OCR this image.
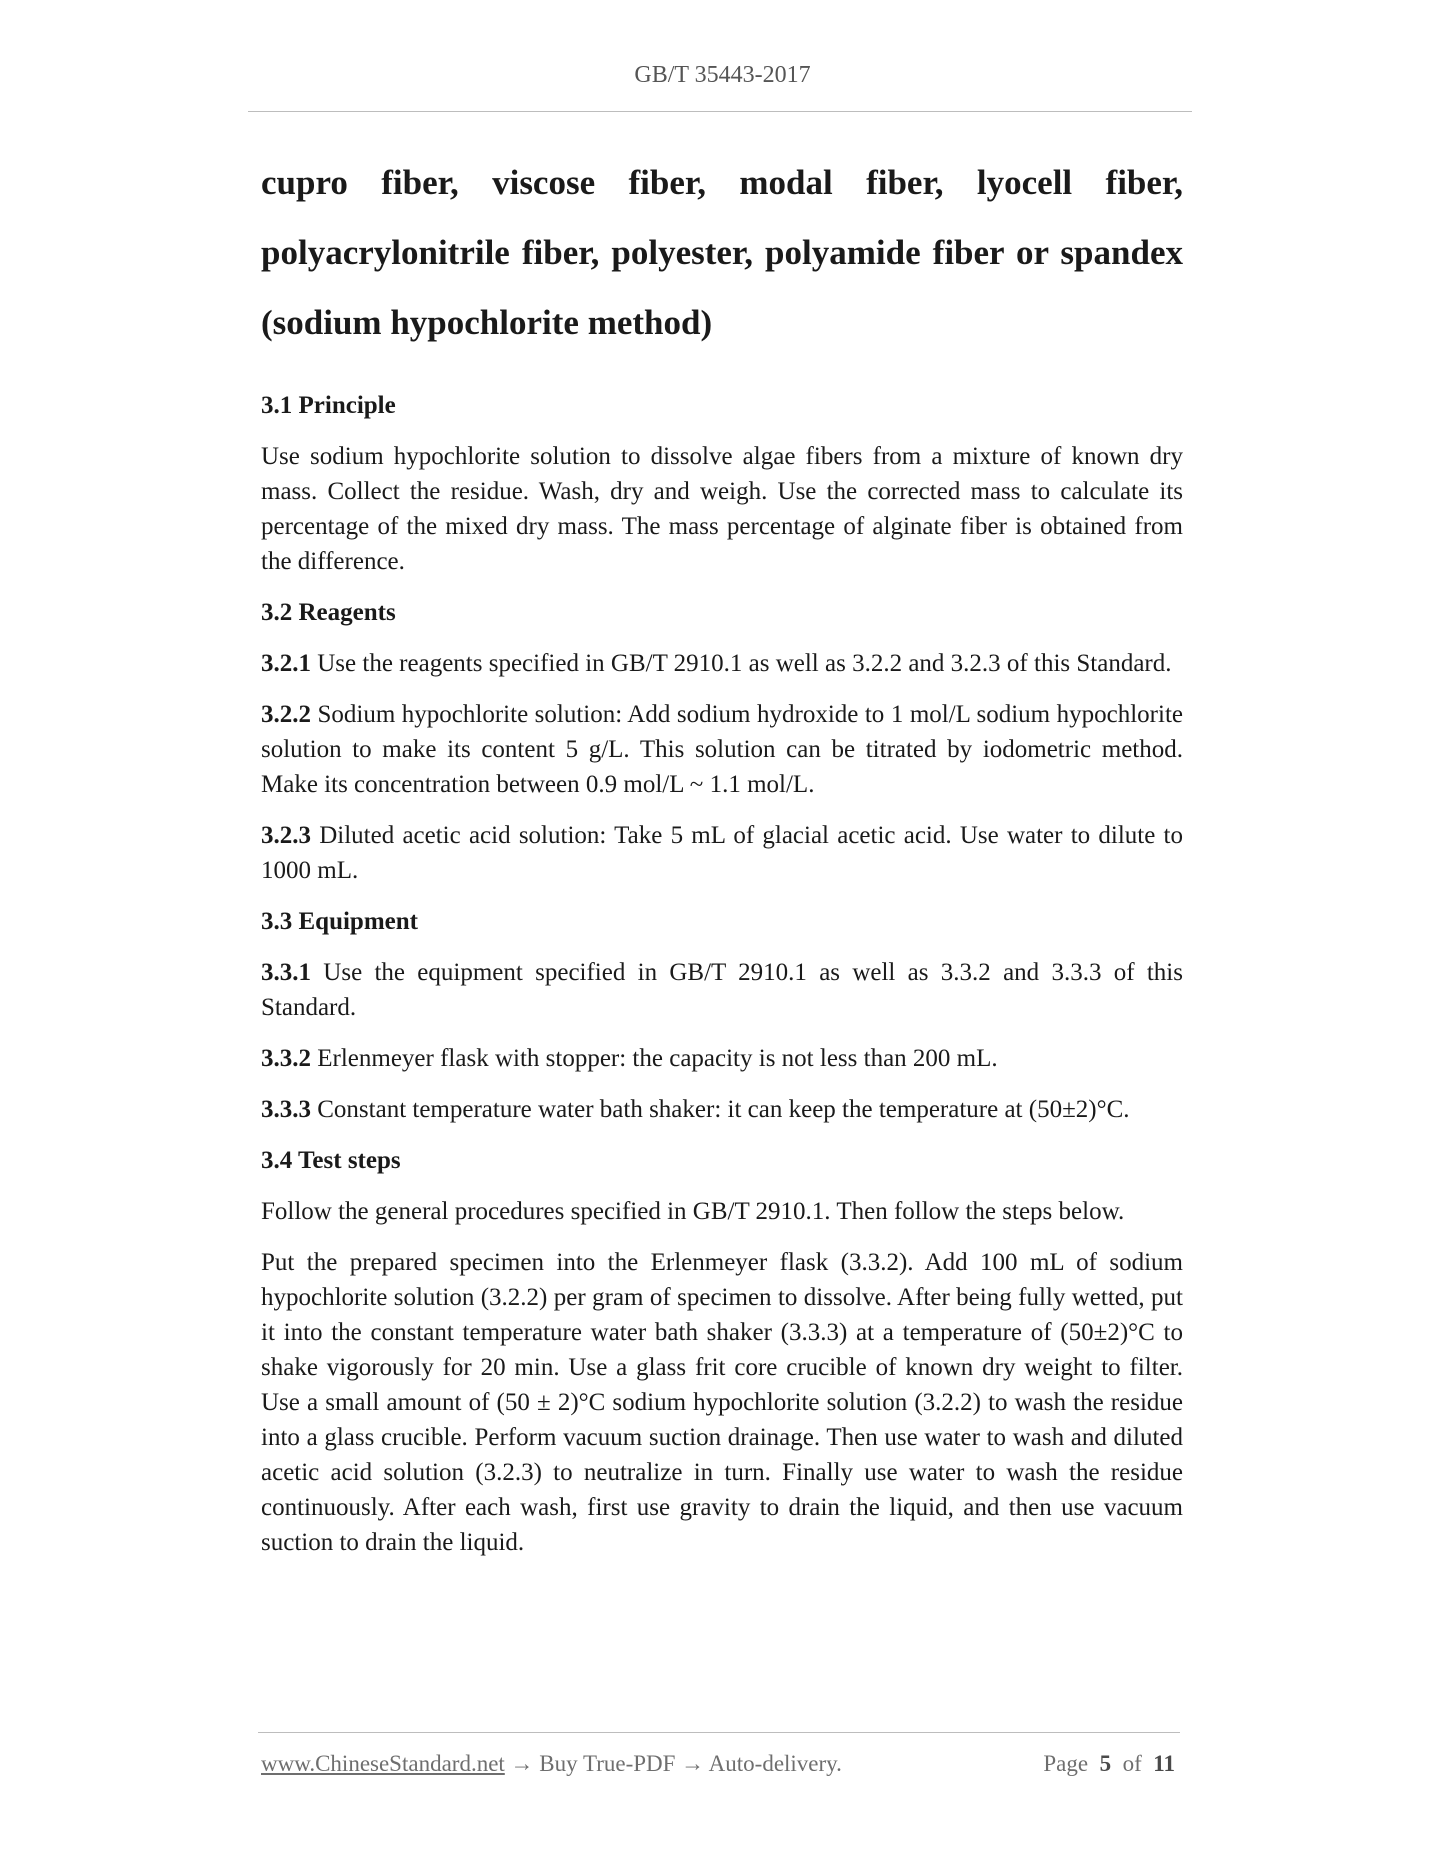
GB/T 35443-2017
cupro fiber, viscose fiber, modal fiber, lyocell fiber,
polyacrylonitrile fiber, polyester, polyamide fiber or spandex
(sodium hypochlorite method)
3.1 Principle

Use sodium hypochlorite solution to dissolve algae fibers from a mixture of known dry mass. Collect the residue. Wash, dry and weigh. Use the corrected mass to calculate its percentage of the mixed dry mass. The mass percentage of alginate fiber is obtained from the difference.

3.2 Reagents

3.2.1 Use the reagents specified in GB/T 2910.1 as well as 3.2.2 and 3.2.3 of this Standard.

3.2.2 Sodium hypochlorite solution: Add sodium hydroxide to 1 mol/L sodium hypochlorite solution to make its content 5 g/L. This solution can be titrated by iodometric method. Make its concentration between 0.9 mol/L ~ 1.1 mol/L.

3.2.3 Diluted acetic acid solution: Take 5 mL of glacial acetic acid. Use water to dilute to 1000 mL.

3.3 Equipment

3.3.1 Use the equipment specified in GB/T 2910.1 as well as 3.3.2 and 3.3.3 of this Standard.

3.3.2 Erlenmeyer flask with stopper: the capacity is not less than 200 mL.

3.3.3 Constant temperature water bath shaker: it can keep the temperature at (50±2)°C.

3.4 Test steps

Follow the general procedures specified in GB/T 2910.1. Then follow the steps below.

Put the prepared specimen into the Erlenmeyer flask (3.3.2). Add 100 mL of sodium hypochlorite solution (3.2.2) per gram of specimen to dissolve. After being fully wetted, put it into the constant temperature water bath shaker (3.3.3) at a temperature of (50±2)°C to shake vigorously for 20 min. Use a glass frit core crucible of known dry weight to filter. Use a small amount of (50 ± 2)°C sodium hypochlorite solution (3.2.2) to wash the residue into a glass crucible. Perform vacuum suction drainage. Then use water to wash and diluted acetic acid solution (3.2.3) to neutralize in turn. Finally use water to wash the residue continuously. After each wash, first use gravity to drain the liquid, and then use vacuum suction to drain the liquid.

www.ChineseStandard.net → Buy True-PDF → Auto-delivery.	Page 5 of 11
